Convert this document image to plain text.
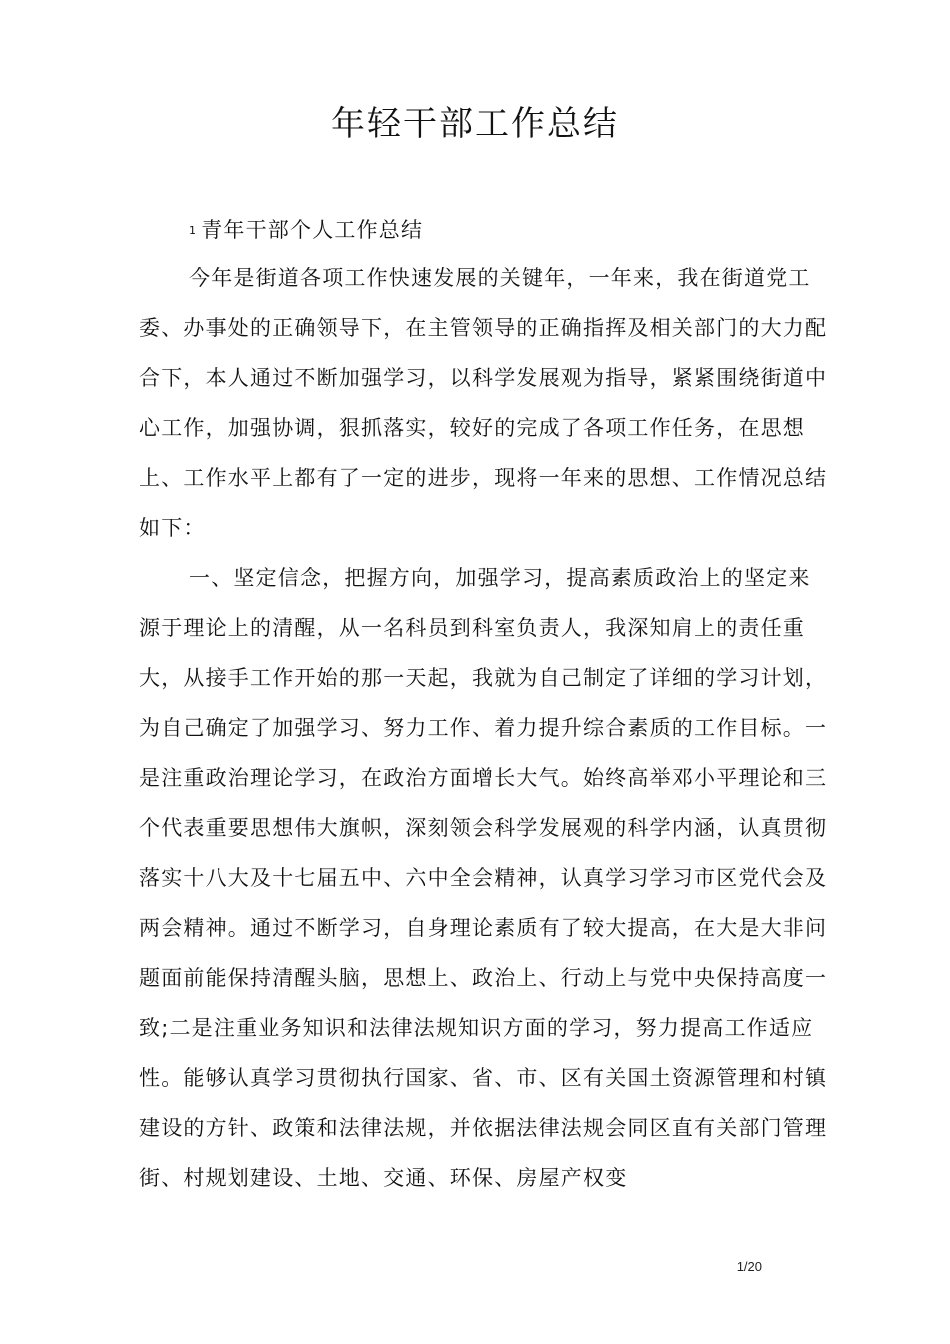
年轻干部工作总结

1 青年干部个人工作总结

今年是街道各项工作快速发展的关键年，一年来，我在街道党工委、办事处的正确领导下，在主管领导的正确指挥及相关部门的大力配合下，本人通过不断加强学习，以科学发展观为指导，紧紧围绕街道中心工作，加强协调，狠抓落实，较好的完成了各项工作任务，在思想上、工作水平上都有了一定的进步，现将一年来的思想、工作情况总结如下：

一、坚定信念，把握方向，加强学习，提高素质政治上的坚定来源于理论上的清醒，从一名科员到科室负责人，我深知肩上的责任重大，从接手工作开始的那一天起，我就为自己制定了详细的学习计划，为自己确定了加强学习、努力工作、着力提升综合素质的工作目标。一是注重政治理论学习，在政治方面增长大气。始终高举邓小平理论和三个代表重要思想伟大旗帜，深刻领会科学发展观的科学内涵，认真贯彻落实十八大及十七届五中、六中全会精神，认真学习学习市区党代会及两会精神。通过不断学习，自身理论素质有了较大提高，在大是大非问题面前能保持清醒头脑，思想上、政治上、行动上与党中央保持高度一致;二是注重业务知识和法律法规知识方面的学习，努力提高工作适应性。能够认真学习贯彻执行国家、省、市、区有关国土资源管理和村镇建设的方针、政策和法律法规，并依据法律法规会同区直有关部门管理街、村规划建设、土地、交通、环保、房屋产权变

1/20
